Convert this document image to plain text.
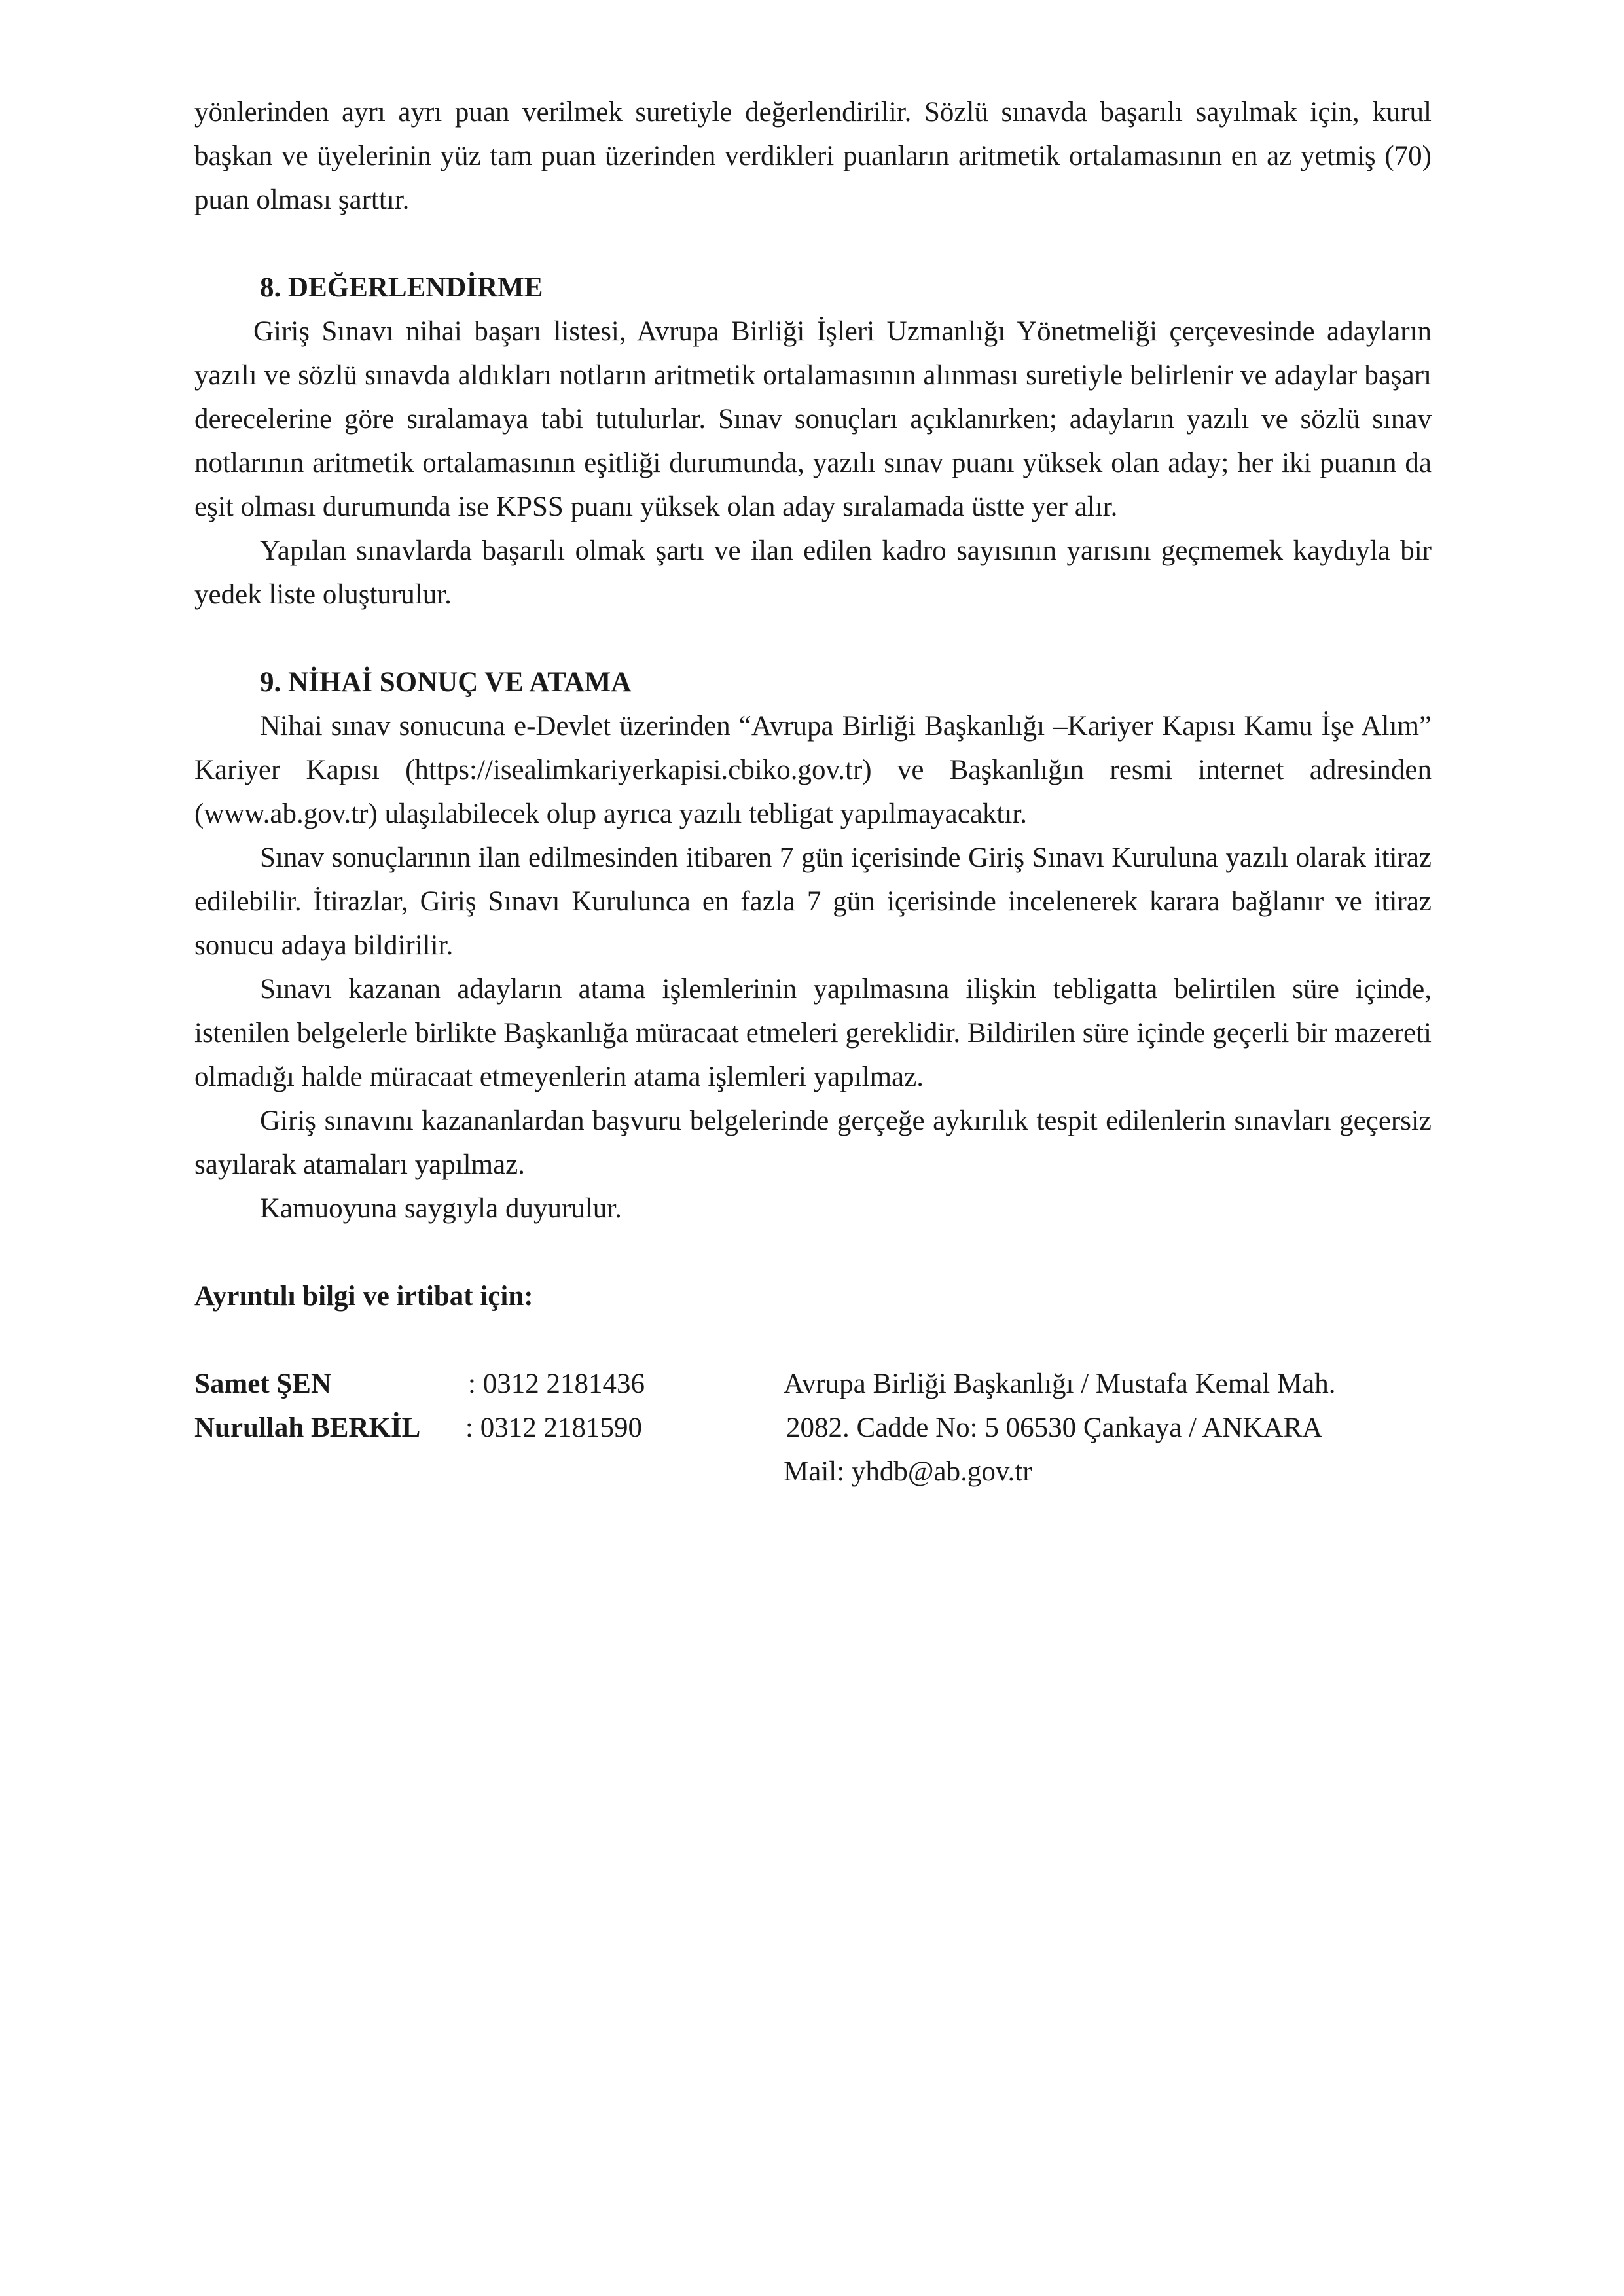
yönlerinden ayrı ayrı puan verilmek suretiyle değerlendirilir. Sözlü sınavda başarılı sayılmak için, kurul başkan ve üyelerinin yüz tam puan üzerinden verdikleri puanların aritmetik ortalamasının en az yetmiş (70) puan olması şarttır.

8. DEĞERLENDİRME

Giriş Sınavı nihai başarı listesi, Avrupa Birliği İşleri Uzmanlığı Yönetmeliği çerçevesinde adayların yazılı ve sözlü sınavda aldıkları notların aritmetik ortalamasının alınması suretiyle belirlenir ve adaylar başarı derecelerine göre sıralamaya tabi tutulurlar. Sınav sonuçları açıklanırken; adayların yazılı ve sözlü sınav notlarının aritmetik ortalamasının eşitliği durumunda, yazılı sınav puanı yüksek olan aday; her iki puanın da eşit olması durumunda ise KPSS puanı yüksek olan aday sıralamada üstte yer alır.

Yapılan sınavlarda başarılı olmak şartı ve ilan edilen kadro sayısının yarısını geçmemek kaydıyla bir yedek liste oluşturulur.

9. NİHAİ SONUÇ VE ATAMA

Nihai sınav sonucuna e-Devlet üzerinden “Avrupa Birliği Başkanlığı –Kariyer Kapısı Kamu İşe Alım” Kariyer Kapısı (https://isealimkariyerkapisi.cbiko.gov.tr) ve Başkanlığın resmi internet adresinden (www.ab.gov.tr) ulaşılabilecek olup ayrıca yazılı tebligat yapılmayacaktır.

Sınav sonuçlarının ilan edilmesinden itibaren 7 gün içerisinde Giriş Sınavı Kuruluna yazılı olarak itiraz edilebilir. İtirazlar, Giriş Sınavı Kurulunca en fazla 7 gün içerisinde incelenerek karara bağlanır ve itiraz sonucu adaya bildirilir.

Sınavı kazanan adayların atama işlemlerinin yapılmasına ilişkin tebligatta belirtilen süre içinde, istenilen belgelerle birlikte Başkanlığa müracaat etmeleri gereklidir. Bildirilen süre içinde geçerli bir mazereti olmadığı halde müracaat etmeyenlerin atama işlemleri yapılmaz.

Giriş sınavını kazananlardan başvuru belgelerinde gerçeğe aykırılık tespit edilenlerin sınavları geçersiz sayılarak atamaları yapılmaz.

Kamuoyuna saygıyla duyurulur.

Ayrıntılı bilgi ve irtibat için:
Samet ŞEN	: 0312 2181436
Nurullah BERKİL : 0312 2181590
Avrupa Birliği Başkanlığı / Mustafa Kemal Mah.
2082. Cadde No: 5 06530 Çankaya / ANKARA
Mail: yhdb@ab.gov.tr
